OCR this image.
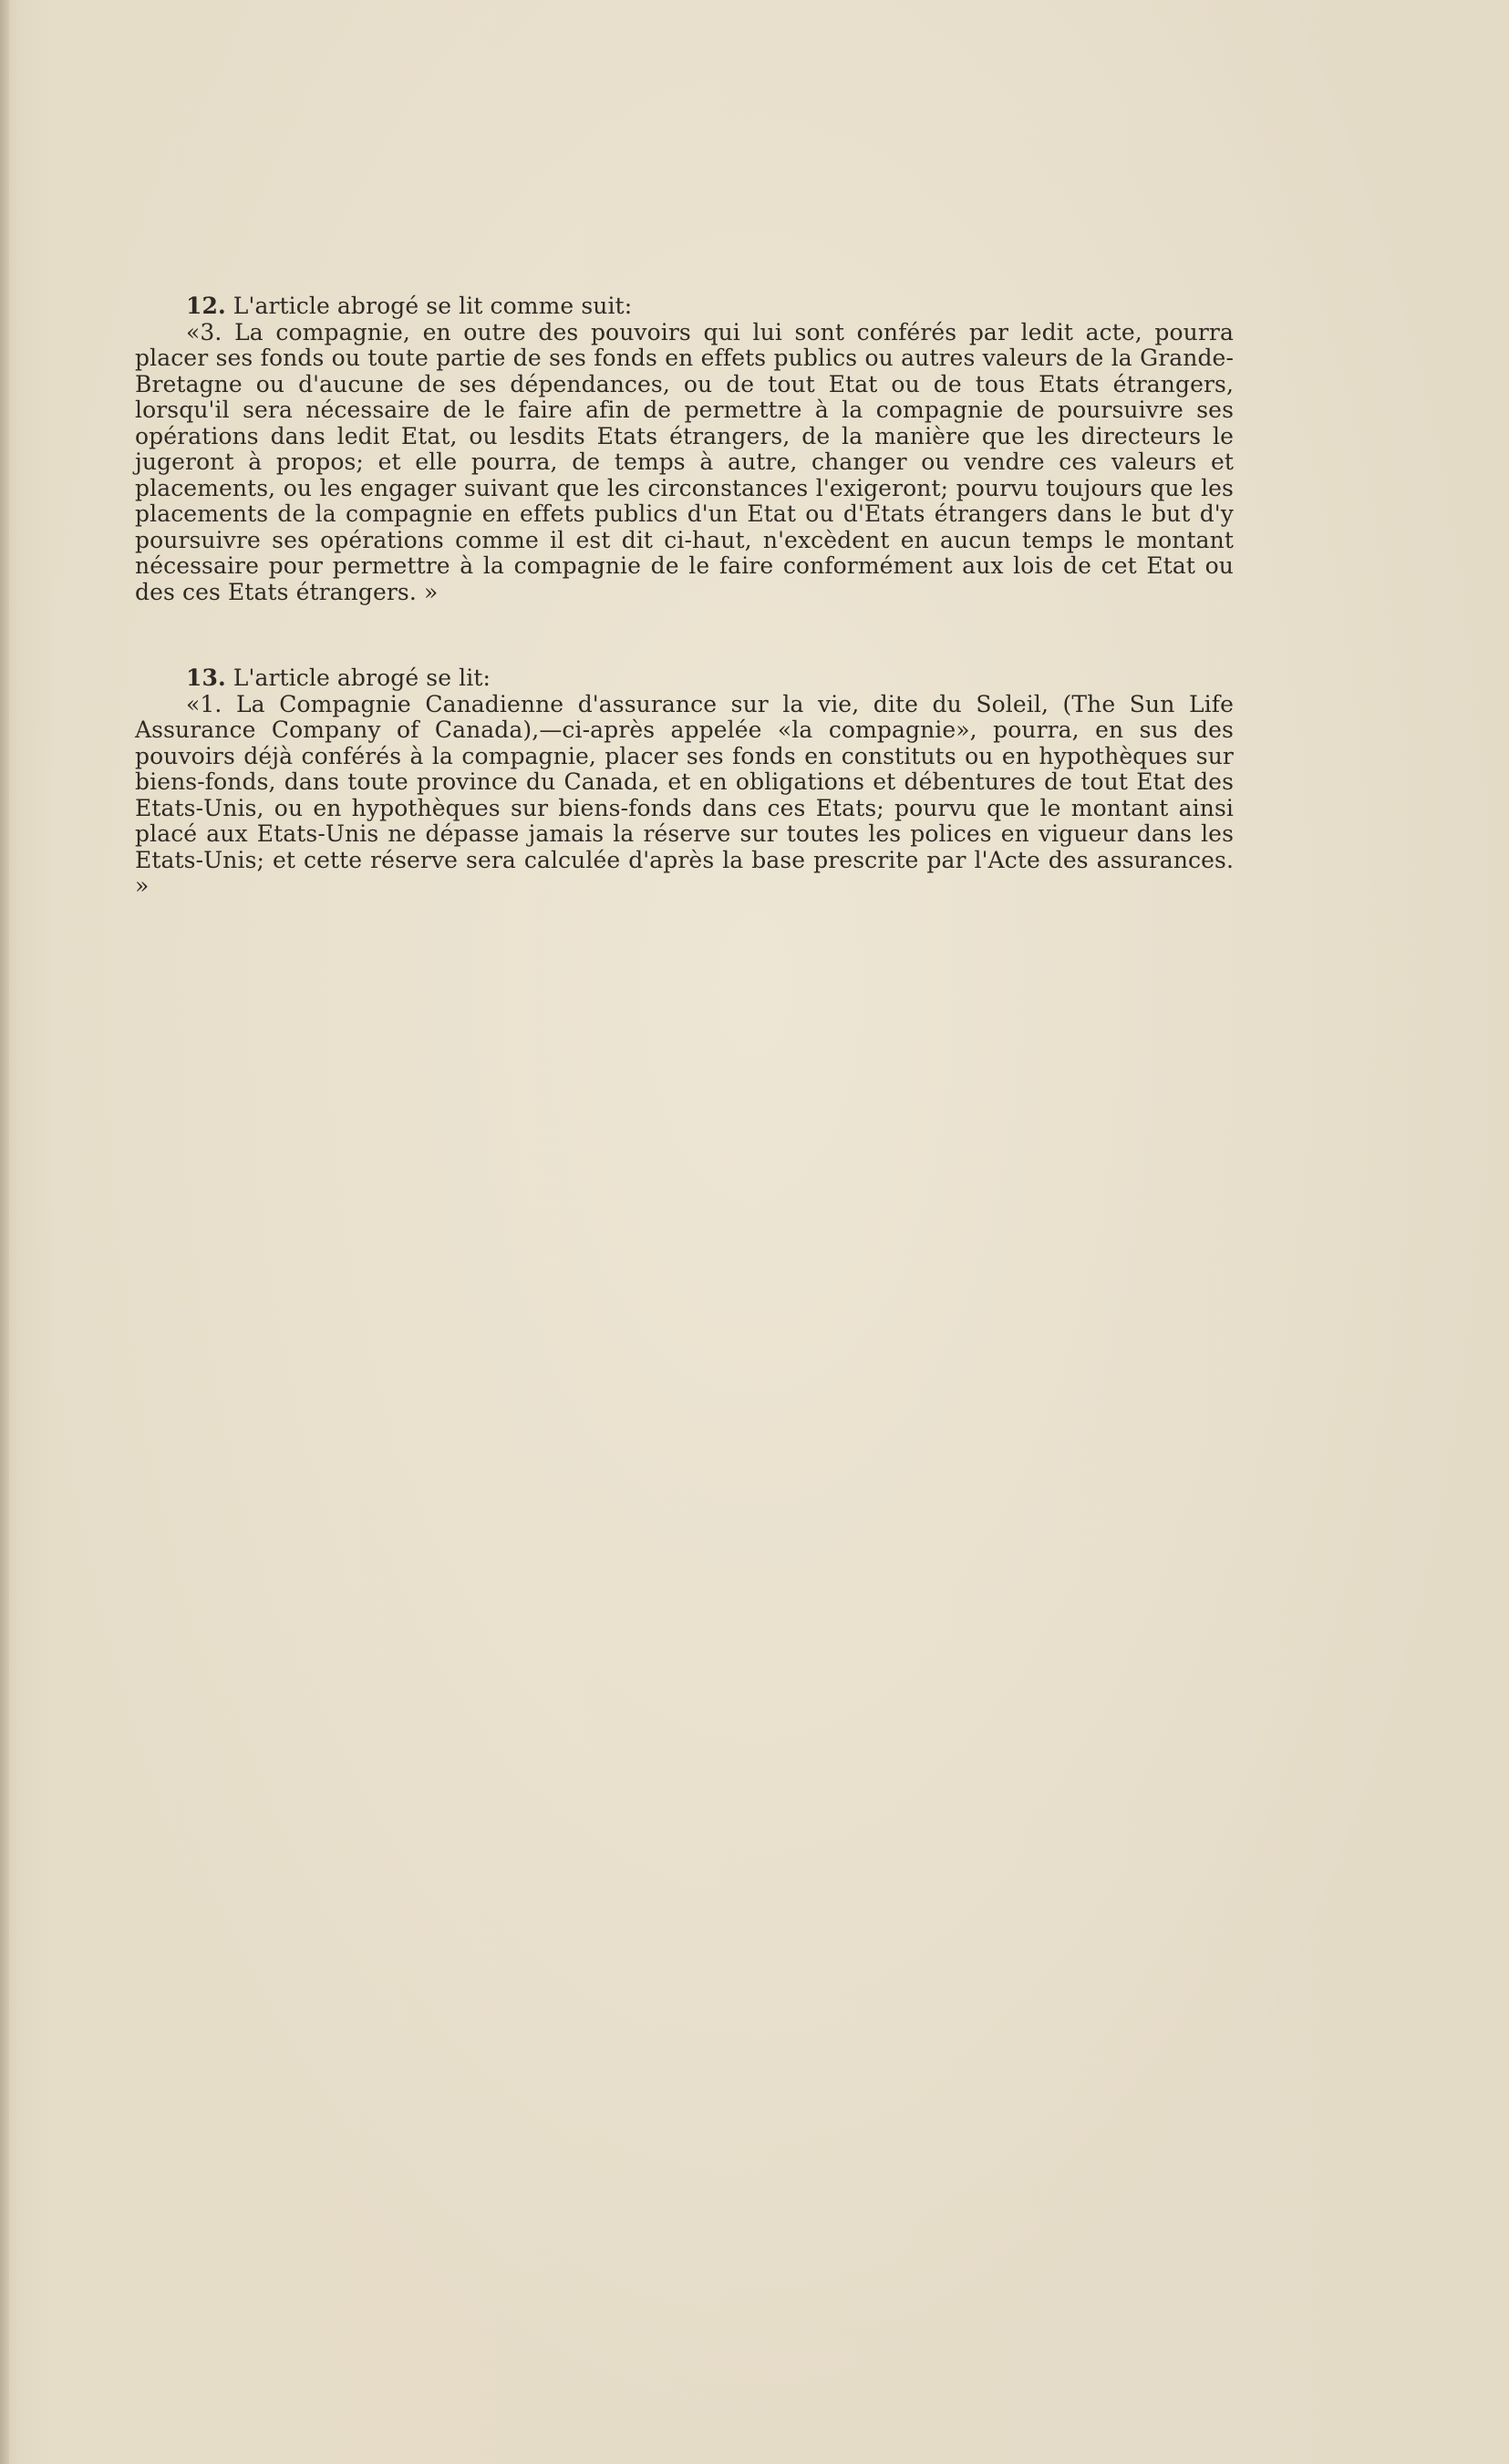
12. L'article abrogé se lit comme suit:

«3. La compagnie, en outre des pouvoirs qui lui sont conférés par ledit acte, pourra placer ses fonds ou toute partie de ses fonds en effets publics ou autres valeurs de la Grande-Bretagne ou d'aucune de ses dépendances, ou de tout Etat ou de tous Etats étrangers, lorsqu'il sera nécessaire de le faire afin de permettre à la compagnie de poursuivre ses opérations dans ledit Etat, ou lesdits Etats étrangers, de la manière que les directeurs le jugeront à propos; et elle pourra, de temps à autre, changer ou vendre ces valeurs et placements, ou les engager suivant que les circonstances l'exigeront; pourvu toujours que les placements de la compagnie en effets publics d'un Etat ou d'Etats étrangers dans le but d'y poursuivre ses opérations comme il est dit ci-haut, n'excèdent en aucun temps le montant nécessaire pour permettre à la compagnie de le faire conformément aux lois de cet Etat ou des ces Etats étrangers. »

13. L'article abrogé se lit:

«1. La Compagnie Canadienne d'assurance sur la vie, dite du Soleil, (The Sun Life Assurance Company of Canada),—ci-après appelée «la compagnie», pourra, en sus des pouvoirs déjà conférés à la compagnie, placer ses fonds en constituts ou en hypothèques sur biens-fonds, dans toute province du Canada, et en obligations et débentures de tout Etat des Etats-Unis, ou en hypothèques sur biens-fonds dans ces Etats; pourvu que le montant ainsi placé aux Etats-Unis ne dépasse jamais la réserve sur toutes les polices en vigueur dans les Etats-Unis; et cette réserve sera calculée d'après la base prescrite par l'Acte des assurances. »
